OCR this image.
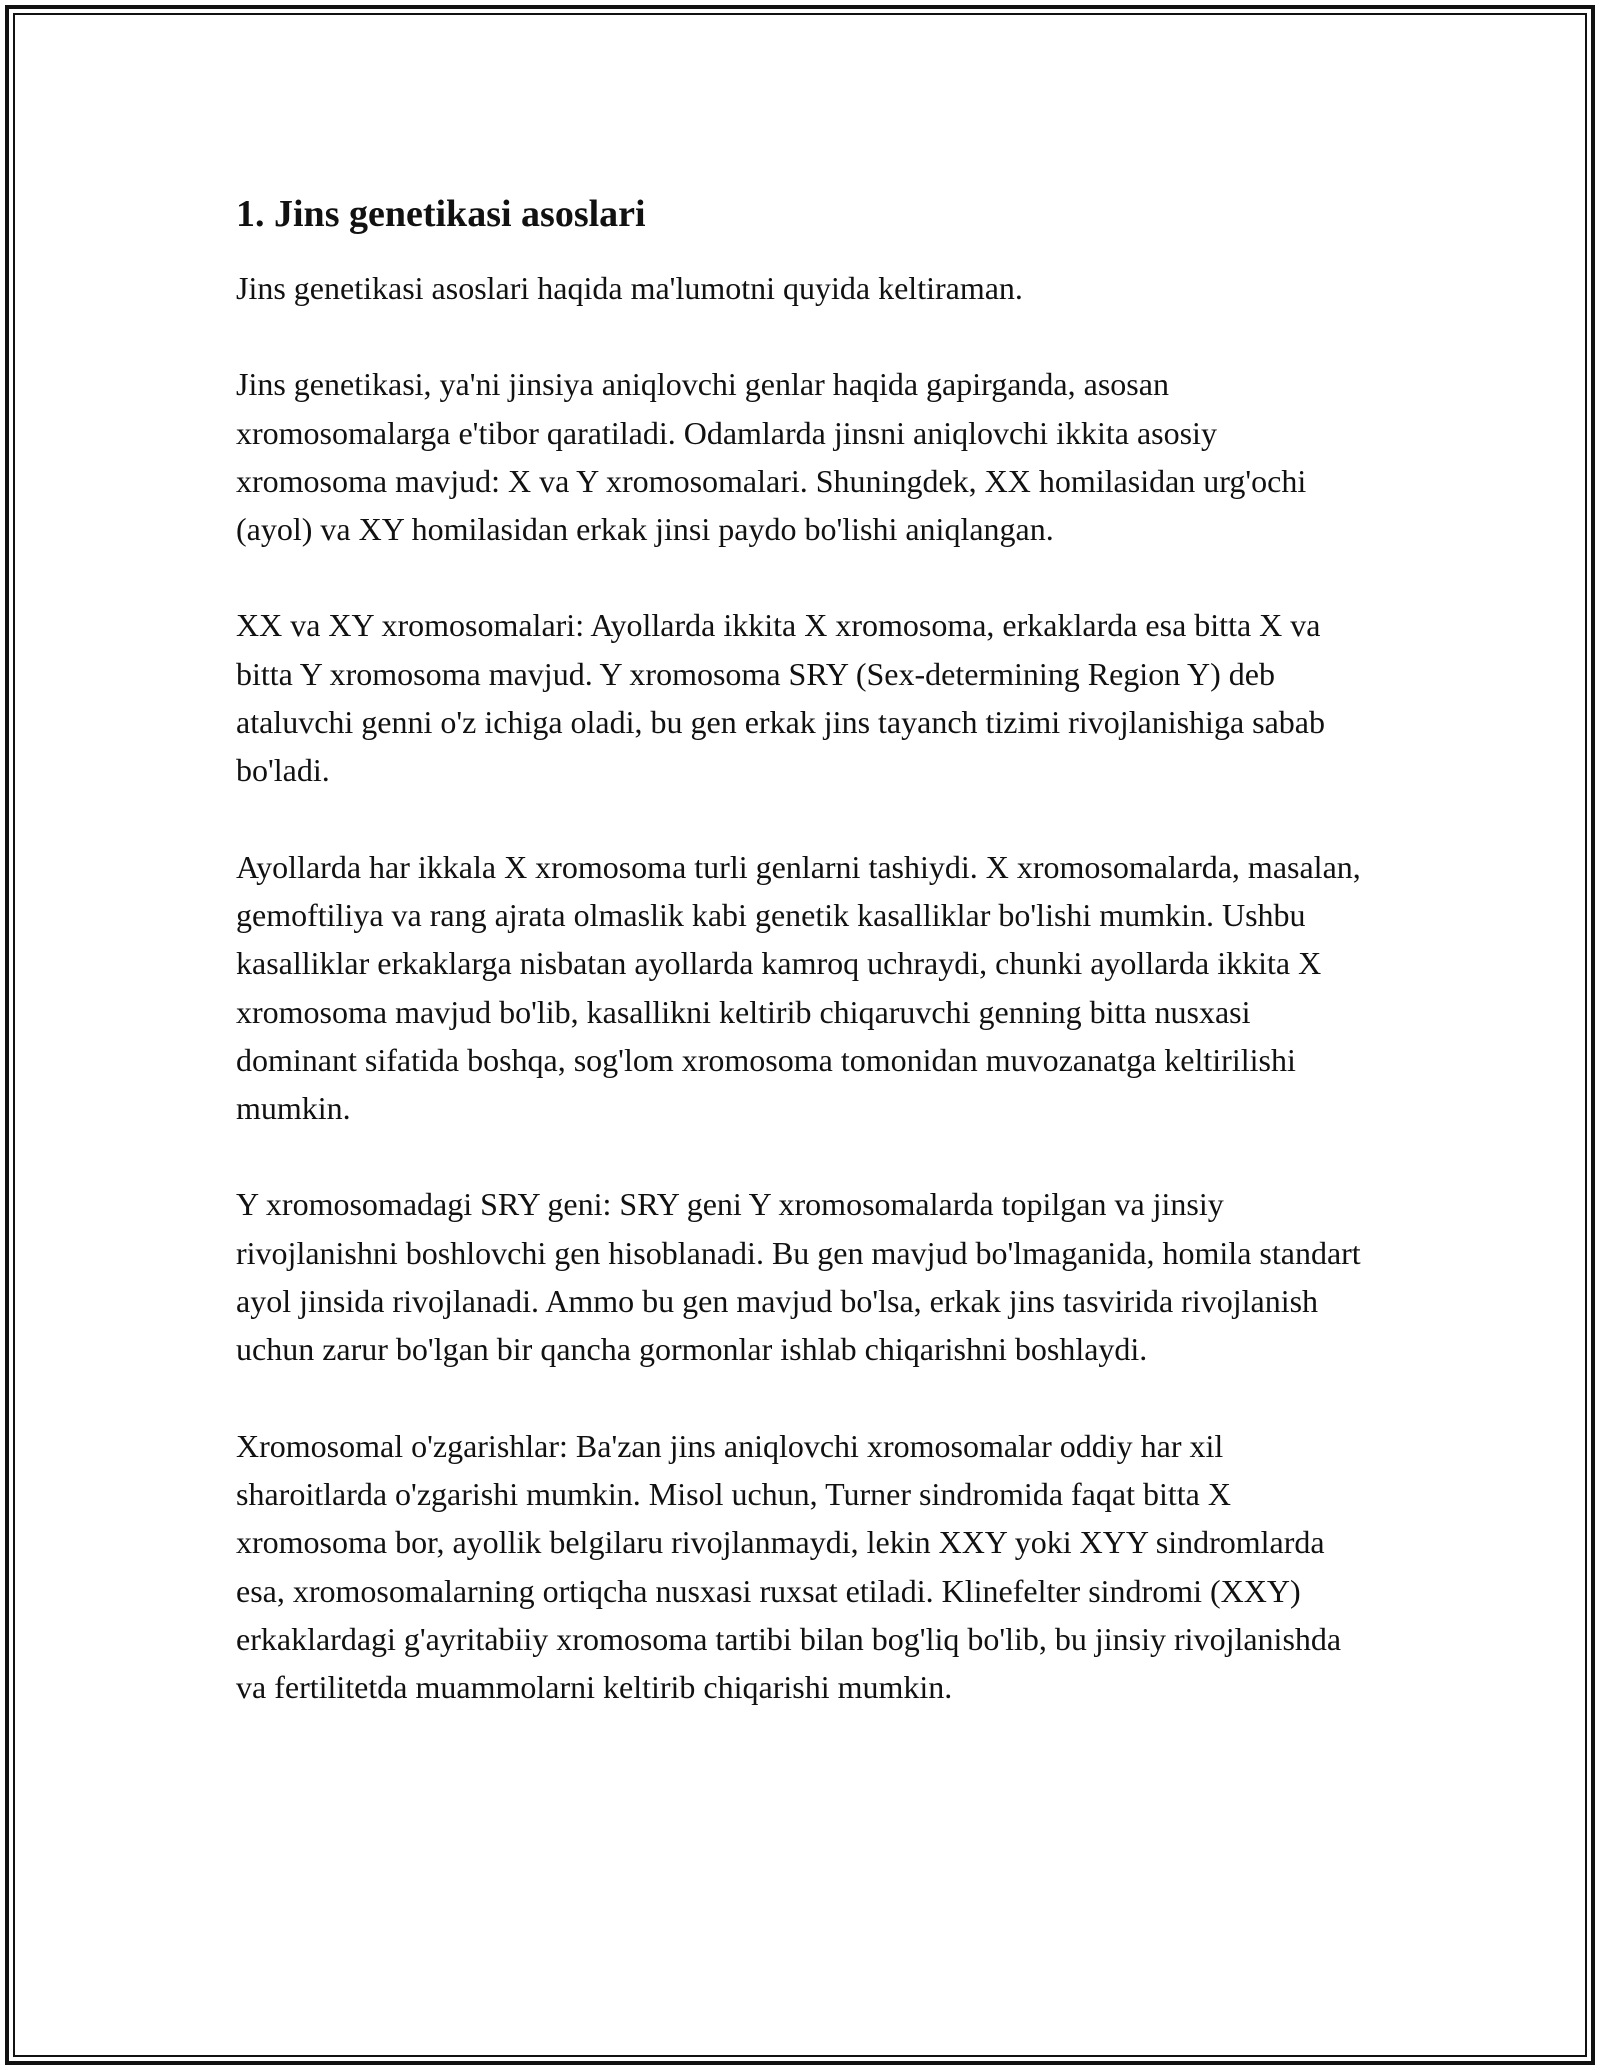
1. Jins genetikasi asoslari

Jins genetikasi asoslari haqida ma'lumotni quyida keltiraman.

Jins genetikasi, ya'ni jinsiya aniqlovchi genlar haqida gapirganda, asosan xromosomalarga e'tibor qaratiladi. Odamlarda jinsni aniqlovchi ikkita asosiy xromosoma mavjud: X va Y xromosomalari. Shuningdek, XX homilasidan urg'ochi (ayol) va XY homilasidan erkak jinsi paydo bo'lishi aniqlangan.

XX va XY xromosomalari: Ayollarda ikkita X xromosoma, erkaklarda esa bitta X va bitta Y xromosoma mavjud. Y xromosoma SRY (Sex-determining Region Y) deb ataluvchi genni o'z ichiga oladi, bu gen erkak jins tayanch tizimi rivojlanishiga sabab bo'ladi.

Ayollarda har ikkala X xromosoma turli genlarni tashiydi. X xromosomalarda, masalan, gemoftiliya va rang ajrata olmaslik kabi genetik kasalliklar bo'lishi mumkin. Ushbu kasalliklar erkaklarga nisbatan ayollarda kamroq uchraydi, chunki ayollarda ikkita X xromosoma mavjud bo'lib, kasallikni keltirib chiqaruvchi genning bitta nusxasi dominant sifatida boshqa, sog'lom xromosoma tomonidan muvozanatga keltirilishi mumkin.

Y xromosomadagi SRY geni: SRY geni Y xromosomalarda topilgan va jinsiy rivojlanishni boshlovchi gen hisoblanadi. Bu gen mavjud bo'lmaganida, homila standart ayol jinsida rivojlanadi. Ammo bu gen mavjud bo'lsa, erkak jins tasvirida rivojlanish uchun zarur bo'lgan bir qancha gormonlar ishlab chiqarishni boshlaydi.

Xromosomal o'zgarishlar: Ba'zan jins aniqlovchi xromosomalar oddiy har xil sharoitlarda o'zgarishi mumkin. Misol uchun, Turner sindromida faqat bitta X xromosoma bor, ayollik belgilaru rivojlanmaydi, lekin XXY yoki XYY sindromlarda esa, xromosomalarning ortiqcha nusxasi ruxsat etiladi. Klinefelter sindromi (XXY) erkaklardagi g'ayritabiiy xromosoma tartibi bilan bog'liq bo'lib, bu jinsiy rivojlanishda va fertilitetda muammolarni keltirib chiqarishi mumkin.
